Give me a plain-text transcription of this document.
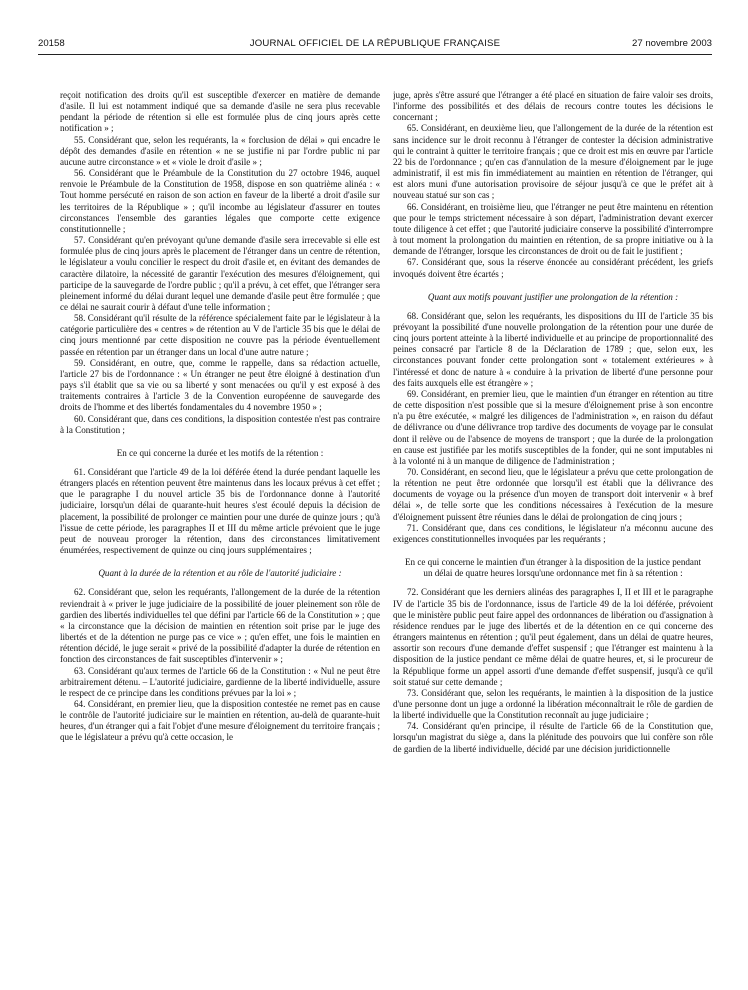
20158	JOURNAL OFFICIEL DE LA RÉPUBLIQUE FRANÇAISE	27 novembre 2003

reçoit notification des droits qu'il est susceptible d'exercer en matière de demande d'asile. Il lui est notamment indiqué que sa demande d'asile ne sera plus recevable pendant la période de rétention si elle est formulée plus de cinq jours après cette notification » ;

55. Considérant que, selon les requérants, la « forclusion de délai » qui encadre le dépôt des demandes d'asile en rétention « ne se justifie ni par l'ordre public ni par aucune autre circonstance » et « viole le droit d'asile » ;

56. Considérant que le Préambule de la Constitution du 27 octobre 1946, auquel renvoie le Préambule de la Constitution de 1958, dispose en son quatrième alinéa : « Tout homme persécuté en raison de son action en faveur de la liberté a droit d'asile sur les territoires de la République » ; qu'il incombe au législateur d'assurer en toutes circonstances l'ensemble des garanties légales que comporte cette exigence constitutionnelle ;

57. Considérant qu'en prévoyant qu'une demande d'asile sera irrecevable si elle est formulée plus de cinq jours après le placement de l'étranger dans un centre de rétention, le législateur a voulu concilier le respect du droit d'asile et, en évitant des demandes de caractère dilatoire, la nécessité de garantir l'exécution des mesures d'éloignement, qui participe de la sauvegarde de l'ordre public ; qu'il a prévu, à cet effet, que l'étranger sera pleinement informé du délai durant lequel une demande d'asile peut être formulée ; que ce délai ne saurait courir à défaut d'une telle information ;

58. Considérant qu'il résulte de la référence spécialement faite par le législateur à la catégorie particulière des « centres » de rétention au V de l'article 35 bis que le délai de cinq jours mentionné par cette disposition ne couvre pas la période éventuellement passée en rétention par un étranger dans un local d'une autre nature ;

59. Considérant, en outre, que, comme le rappelle, dans sa rédaction actuelle, l'article 27 bis de l'ordonnance : « Un étranger ne peut être éloigné à destination d'un pays s'il établit que sa vie ou sa liberté y sont menacées ou qu'il y est exposé à des traitements contraires à l'article 3 de la Convention européenne de sauvegarde des droits de l'homme et des libertés fondamentales du 4 novembre 1950 » ;

60. Considérant que, dans ces conditions, la disposition contestée n'est pas contraire à la Constitution ;

En ce qui concerne la durée et les motifs de la rétention :

61. Considérant que l'article 49 de la loi déférée étend la durée pendant laquelle les étrangers placés en rétention peuvent être maintenus dans les locaux prévus à cet effet ; que le paragraphe I du nouvel article 35 bis de l'ordonnance donne à l'autorité judiciaire, lorsqu'un délai de quarante-huit heures s'est écoulé depuis la décision de placement, la possibilité de prolonger ce maintien pour une durée de quinze jours ; qu'à l'issue de cette période, les paragraphes II et III du même article prévoient que le juge peut de nouveau proroger la rétention, dans des circonstances limitativement énumérées, respectivement de quinze ou cinq jours supplémentaires ;

Quant à la durée de la rétention et au rôle de l'autorité judiciaire :

62. Considérant que, selon les requérants, l'allongement de la durée de la rétention reviendrait à « priver le juge judiciaire de la possibilité de jouer pleinement son rôle de gardien des libertés individuelles tel que défini par l'article 66 de la Constitution » ; que « la circonstance que la décision de maintien en rétention soit prise par le juge des libertés et de la détention ne purge pas ce vice » ; qu'en effet, une fois le maintien en rétention décidé, le juge serait « privé de la possibilité d'adapter la durée de rétention en fonction des circonstances de fait susceptibles d'intervenir » ;

63. Considérant qu'aux termes de l'article 66 de la Constitution : « Nul ne peut être arbitrairement détenu. – L'autorité judiciaire, gardienne de la liberté individuelle, assure le respect de ce principe dans les conditions prévues par la loi » ;

64. Considérant, en premier lieu, que la disposition contestée ne remet pas en cause le contrôle de l'autorité judiciaire sur le maintien en rétention, au-delà de quarante-huit heures, d'un étranger qui a fait l'objet d'une mesure d'éloignement du territoire français ; que le législateur a prévu qu'à cette occasion, le

juge, après s'être assuré que l'étranger a été placé en situation de faire valoir ses droits, l'informe des possibilités et des délais de recours contre toutes les décisions le concernant ;

65. Considérant, en deuxième lieu, que l'allongement de la durée de la rétention est sans incidence sur le droit reconnu à l'étranger de contester la décision administrative qui le contraint à quitter le territoire français ; que ce droit est mis en œuvre par l'article 22 bis de l'ordonnance ; qu'en cas d'annulation de la mesure d'éloignement par le juge administratif, il est mis fin immédiatement au maintien en rétention de l'étranger, qui est alors muni d'une autorisation provisoire de séjour jusqu'à ce que le préfet ait à nouveau statué sur son cas ;

66. Considérant, en troisième lieu, que l'étranger ne peut être maintenu en rétention que pour le temps strictement nécessaire à son départ, l'administration devant exercer toute diligence à cet effet ; que l'autorité judiciaire conserve la possibilité d'interrompre à tout moment la prolongation du maintien en rétention, de sa propre initiative ou à la demande de l'étranger, lorsque les circonstances de droit ou de fait le justifient ;

67. Considérant que, sous la réserve énoncée au considérant précédent, les griefs invoqués doivent être écartés ;

Quant aux motifs pouvant justifier une prolongation de la rétention :

68. Considérant que, selon les requérants, les dispositions du III de l'article 35 bis prévoyant la possibilité d'une nouvelle prolongation de la rétention pour une durée de cinq jours portent atteinte à la liberté individuelle et au principe de proportionnalité des peines consacré par l'article 8 de la Déclaration de 1789 ; que, selon eux, les circonstances pouvant fonder cette prolongation sont « totalement extérieures » à l'intéressé et donc de nature à « conduire à la privation de liberté d'une personne pour des faits auxquels elle est étrangère » ;

69. Considérant, en premier lieu, que le maintien d'un étranger en rétention au titre de cette disposition n'est possible que si la mesure d'éloignement prise à son encontre n'a pu être exécutée, « malgré les diligences de l'administration », en raison du défaut de délivrance ou d'une délivrance trop tardive des documents de voyage par le consulat dont il relève ou de l'absence de moyens de transport ; que la durée de la prolongation en cause est justifiée par les motifs susceptibles de la fonder, qui ne sont imputables ni à la volonté ni à un manque de diligence de l'administration ;

70. Considérant, en second lieu, que le législateur a prévu que cette prolongation de la rétention ne peut être ordonnée que lorsqu'il est établi que la délivrance des documents de voyage ou la présence d'un moyen de transport doit intervenir « à bref délai », de telle sorte que les conditions nécessaires à l'exécution de la mesure d'éloignement puissent être réunies dans le délai de prolongation de cinq jours ;

71. Considérant que, dans ces conditions, le législateur n'a méconnu aucune des exigences constitutionnelles invoquées par les requérants ;

En ce qui concerne le maintien d'un étranger à la disposition de la justice pendant un délai de quatre heures lorsqu'une ordonnance met fin à sa rétention :

72. Considérant que les derniers alinéas des paragraphes I, II et III et le paragraphe IV de l'article 35 bis de l'ordonnance, issus de l'article 49 de la loi déférée, prévoient que le ministère public peut faire appel des ordonnances de libération ou d'assignation à résidence rendues par le juge des libertés et de la détention en ce qui concerne des étrangers maintenus en rétention ; qu'il peut également, dans un délai de quatre heures, assortir son recours d'une demande d'effet suspensif ; que l'étranger est maintenu à la disposition de la justice pendant ce même délai de quatre heures, et, si le procureur de la République forme un appel assorti d'une demande d'effet suspensif, jusqu'à ce qu'il soit statué sur cette demande ;

73. Considérant que, selon les requérants, le maintien à la disposition de la justice d'une personne dont un juge a ordonné la libération méconnaîtrait le rôle de gardien de la liberté individuelle que la Constitution reconnaît au juge judiciaire ;

74. Considérant qu'en principe, il résulte de l'article 66 de la Constitution que, lorsqu'un magistrat du siège a, dans la plénitude des pouvoirs que lui confère son rôle de gardien de la liberté individuelle, décidé par une décision juridictionnelle
